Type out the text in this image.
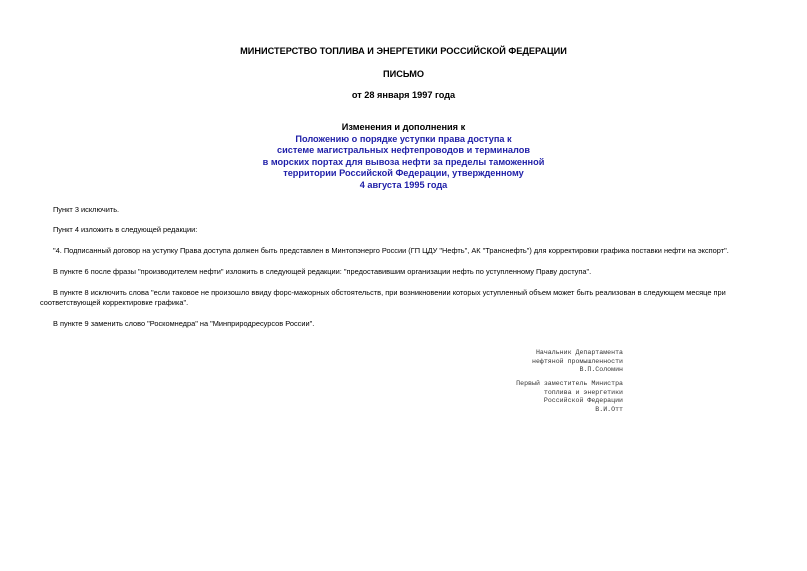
МИНИСТЕРСТВО ТОПЛИВА И ЭНЕРГЕТИКИ РОССИЙСКОЙ ФЕДЕРАЦИИ
ПИСЬМО
от 28 января 1997 года
Изменения и дополнения к
Положению о порядке уступки права доступа к
системе магистральных нефтепроводов и терминалов
в морских портах для вывоза нефти за пределы таможенной
территории Российской Федерации, утвержденному
4 августа 1995 года

Пункт 3 исключить.

Пункт 4 изложить в следующей редакции:

"4. Подписанный договор на уступку Права доступа должен быть представлен в Минтопэнерго России (ГП ЦДУ "Нефть", АК "Транснефть") для корректировки графика поставки нефти на экспорт".

В пункте 6 после фразы "производителем нефти" изложить в следующей редакции: "предоставившим организации нефть по уступленному Праву доступа".

В пункте 8 исключить слова "если таковое не произошло ввиду форс-мажорных обстоятельств, при возникновении которых уступленный объем может быть реализован в следующем месяце при соответствующей корректировке графика".

В пункте 9 заменить слово "Роскомнедра" на "Минприродресурсов России".

Начальник Департамента
нефтяной промышленности
В.П.Соломин
Первый заместитель Министра
топлива и энергетики
Российской Федерации
В.И.Отт
